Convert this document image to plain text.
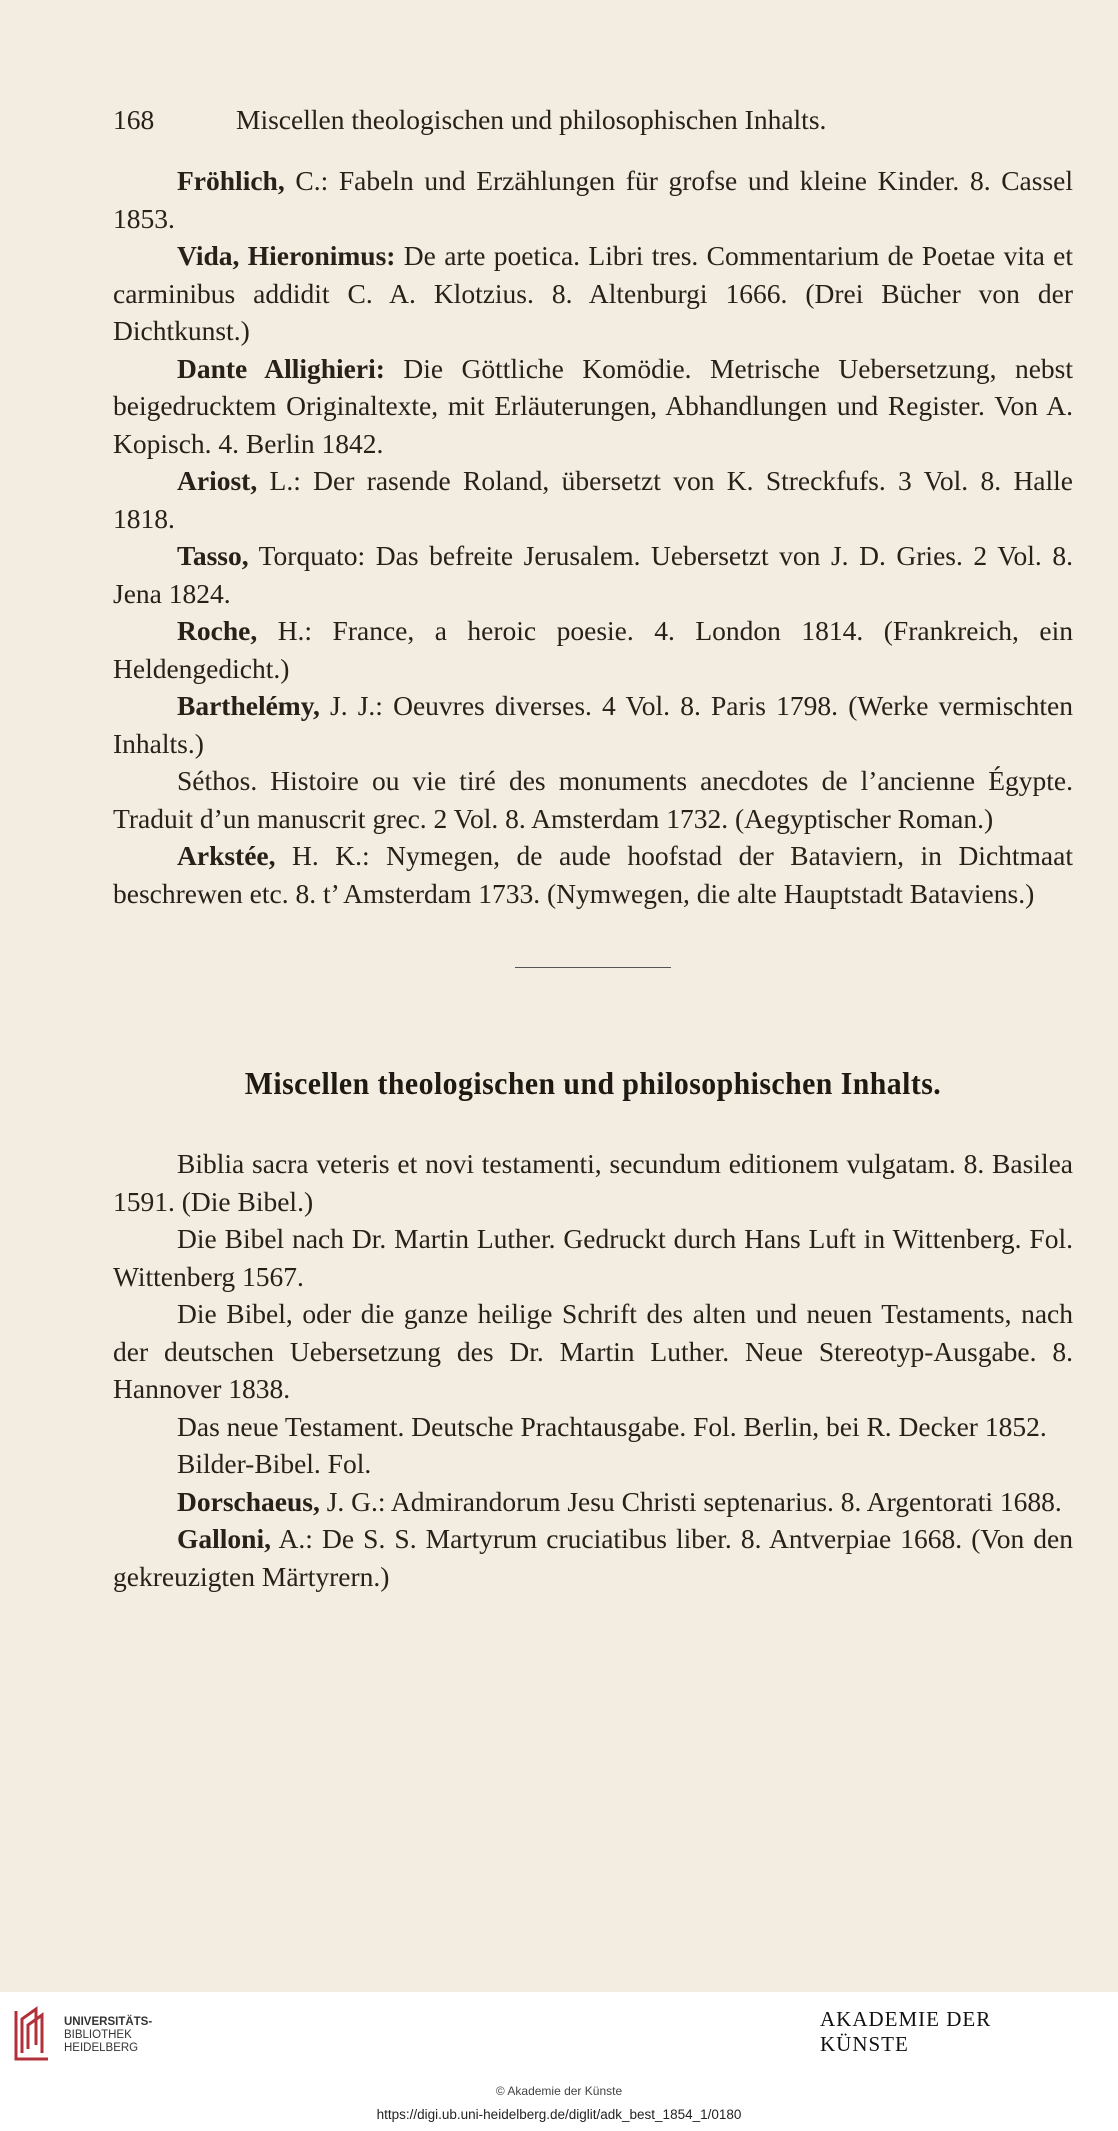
168	Miscellen theologischen und philosophischen Inhalts.

Fröhlich, C.: Fabeln und Erzählungen für grofse und kleine Kinder. 8. Cassel 1853.

Vida, Hieronimus: De arte poetica. Libri tres. Commentarium de Poetae vita et carminibus addidit C. A. Klotzius. 8. Altenburgi 1666. (Drei Bücher von der Dichtkunst.)

Dante Allighieri: Die Göttliche Komödie. Metrische Uebersetzung, nebst beigedrucktem Originaltexte, mit Erläuterungen, Abhandlungen und Register. Von A. Kopisch. 4. Berlin 1842.

Ariost, L.: Der rasende Roland, übersetzt von K. Streckfufs. 3 Vol. 8. Halle 1818.

Tasso, Torquato: Das befreite Jerusalem. Uebersetzt von J. D. Gries. 2 Vol. 8. Jena 1824.

Roche, H.: France, a heroic poesie. 4. London 1814. (Frankreich, ein Heldengedicht.)

Barthelémy, J. J.: Oeuvres diverses. 4 Vol. 8. Paris 1798. (Werke vermischten Inhalts.)

Séthos. Histoire ou vie tiré des monuments anecdotes de l’ancienne Égypte. Traduit d’un manuscrit grec. 2 Vol. 8. Amsterdam 1732. (Aegyptischer Roman.)

Arkstée, H. K.: Nymegen, de aude hoofstad der Bataviern, in Dichtmaat beschrewen etc. 8. t’ Amsterdam 1733. (Nymwegen, die alte Hauptstadt Bataviens.)

Miscellen theologischen und philosophischen Inhalts.

Biblia sacra veteris et novi testamenti, secundum editionem vulgatam. 8. Basilea 1591. (Die Bibel.)

Die Bibel nach Dr. Martin Luther. Gedruckt durch Hans Luft in Wittenberg. Fol. Wittenberg 1567.

Die Bibel, oder die ganze heilige Schrift des alten und neuen Testaments, nach der deutschen Uebersetzung des Dr. Martin Luther. Neue Stereotyp-Ausgabe. 8. Hannover 1838.

Das neue Testament. Deutsche Prachtausgabe. Fol. Berlin, bei R. Decker 1852.

Bilder-Bibel. Fol.

Dorschaeus, J. G.: Admirandorum Jesu Christi septenarius. 8. Argentorati 1688.

Galloni, A.: De S. S. Martyrum cruciatibus liber. 8. Antverpiae 1668. (Von den gekreuzigten Märtyrern.)

UNIVERSITÄTS-
BIBLIOTHEK
HEIDELBERG
AKADEMIE DER KÜNSTE
© Akademie der Künste
https://digi.ub.uni-heidelberg.de/diglit/adk_best_1854_1/0180
